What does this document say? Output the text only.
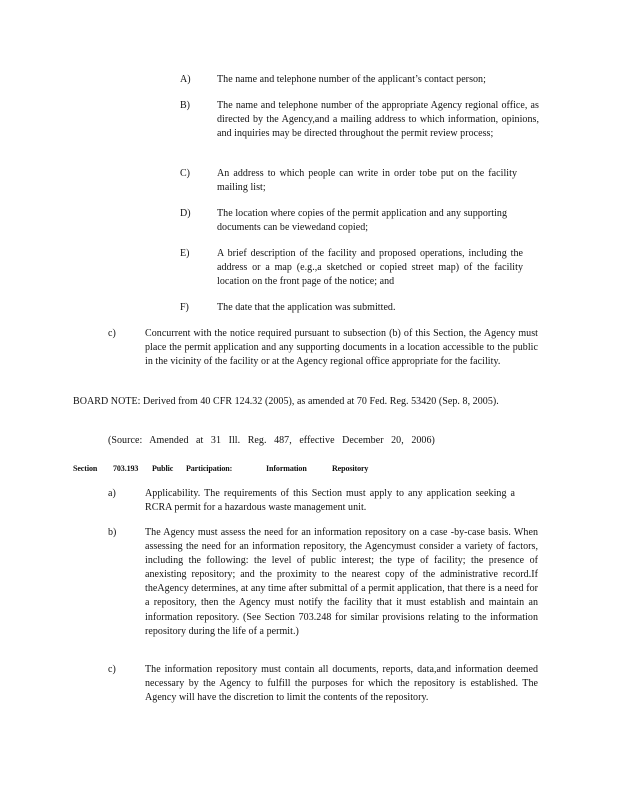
A)	The name and telephone number of the applicant’s contact person;

B)	The name and telephone number of the appropriate Agency regional office, as directed by the Agency,and a mailing address to which information, opinions, and inquiries may be directed throughout the permit review process;

C)	An address to which people can write in order tobe put on the facility mailing list;

D)	The location where copies of the permit application and any supporting documents can be viewedand copied;

E)	A brief description of the facility and proposed operations, including the address or a map (e.g.,a sketched or copied street map) of the facility location on the front page of the notice; and

F)	The date that the application was submitted.

c)	Concurrent with the notice required pursuant to subsection (b) of this Section, the Agency must place the permit application and any supporting documents in a location accessible to the public in the vicinity of the facility or at the Agency regional office appropriate for the facility.

BOARD NOTE: Derived from 40 CFR 124.32 (2005), as amended at 70 Fed. Reg. 53420 (Sep. 8, 2005).

(Source: Amended at 31 Ill. Reg. 487, effective December 20, 2006)

Section 703.193 Public Participation:	Information	Repository

a)	Applicability. The requirements of this Section must apply to any application seeking a RCRA permit for a hazardous waste management unit.

b)	The Agency must assess the need for an information repository on a case -by-case basis. When assessing the need for an information repository, the Agencymust consider a variety of factors, including the following: the level of public interest; the type of facility; the presence of anexisting repository; and the proximity to the nearest copy of the administrative record.If theAgency determines, at any time after submittal of a permit application, that there is a need for a repository, then the Agency must notify the facility that it must establish and maintain an information repository. (See Section 703.248 for similar provisions relating to the information repository during the life of a permit.)

c)	The information repository must contain all documents, reports, data,and information deemed necessary by the Agency to fulfill the purposes for which the repository is established. The Agency will have the discretion to limit the contents of the repository.
